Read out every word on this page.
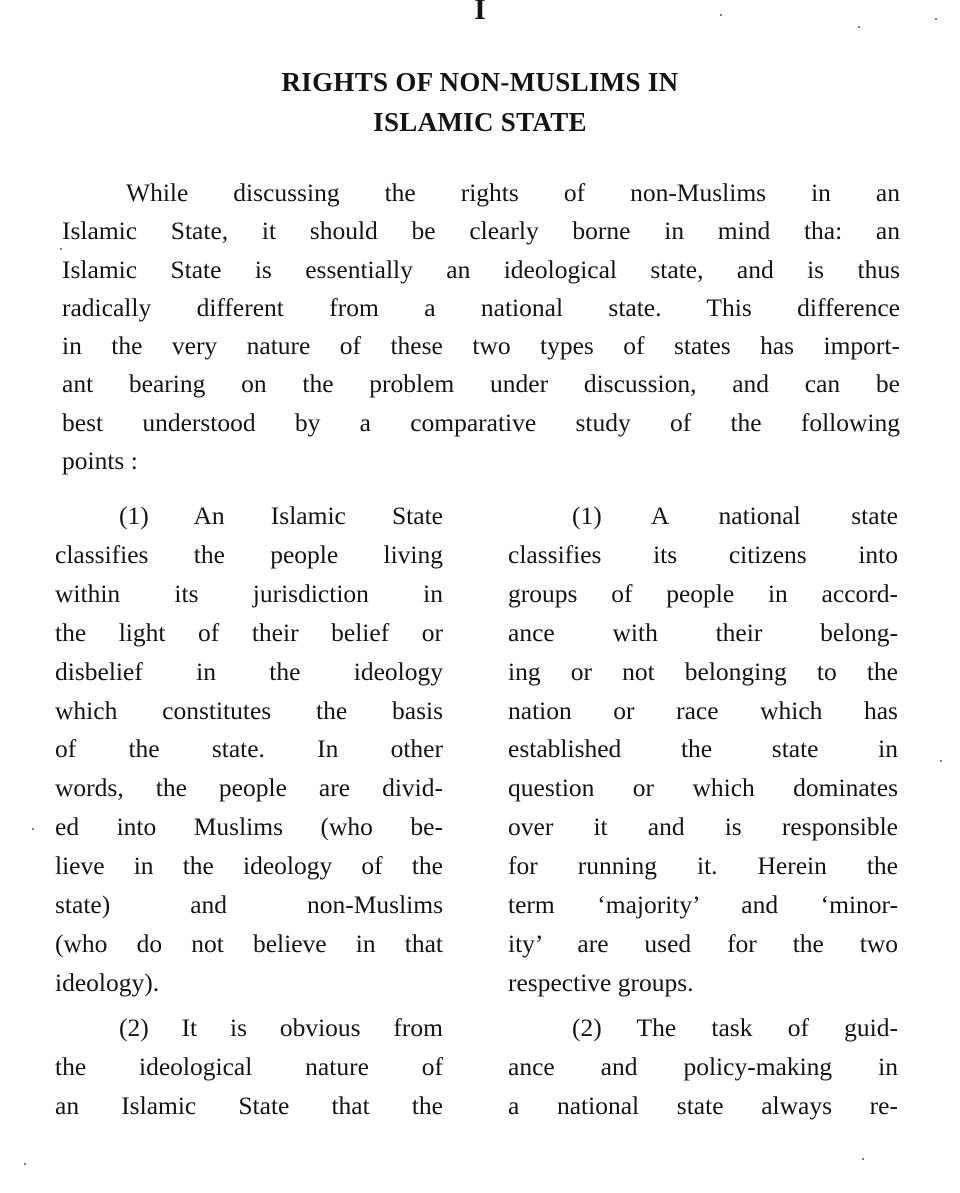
I
RIGHTS OF NON-MUSLIMS IN
ISLAMIC STATE
While discussing the rights of non-Muslims in an
Islamic State, it should be clearly borne in mind tha: an
Islamic State is essentially an ideological state, and is thus
radically different from a national state. This difference
in the very nature of these two types of states has import-
ant bearing on the problem under discussion, and can be
best understood by a comparative study of the following
points :
(1) An Islamic State
classifies the people living
within its jurisdiction in
the light of their belief or
disbelief in the ideology
which constitutes the basis
of the state. In other
words, the people are divid-
ed into Muslims (who be-
lieve in the ideology of the
state) and non-Muslims
(who do not believe in that
ideology).
(2) It is obvious from
the ideological nature of
an Islamic State that the
(1) A national state
classifies its citizens into
groups of people in accord-
ance with their belong-
ing or not belonging to the
nation or race which has
established the state in
question or which dominates
over it and is responsible
for running it. Herein the
term ‘majority’ and ‘minor-
ity’ are used for the two
respective groups.
(2) The task of guid-
ance and policy-making in
a national state always re-
